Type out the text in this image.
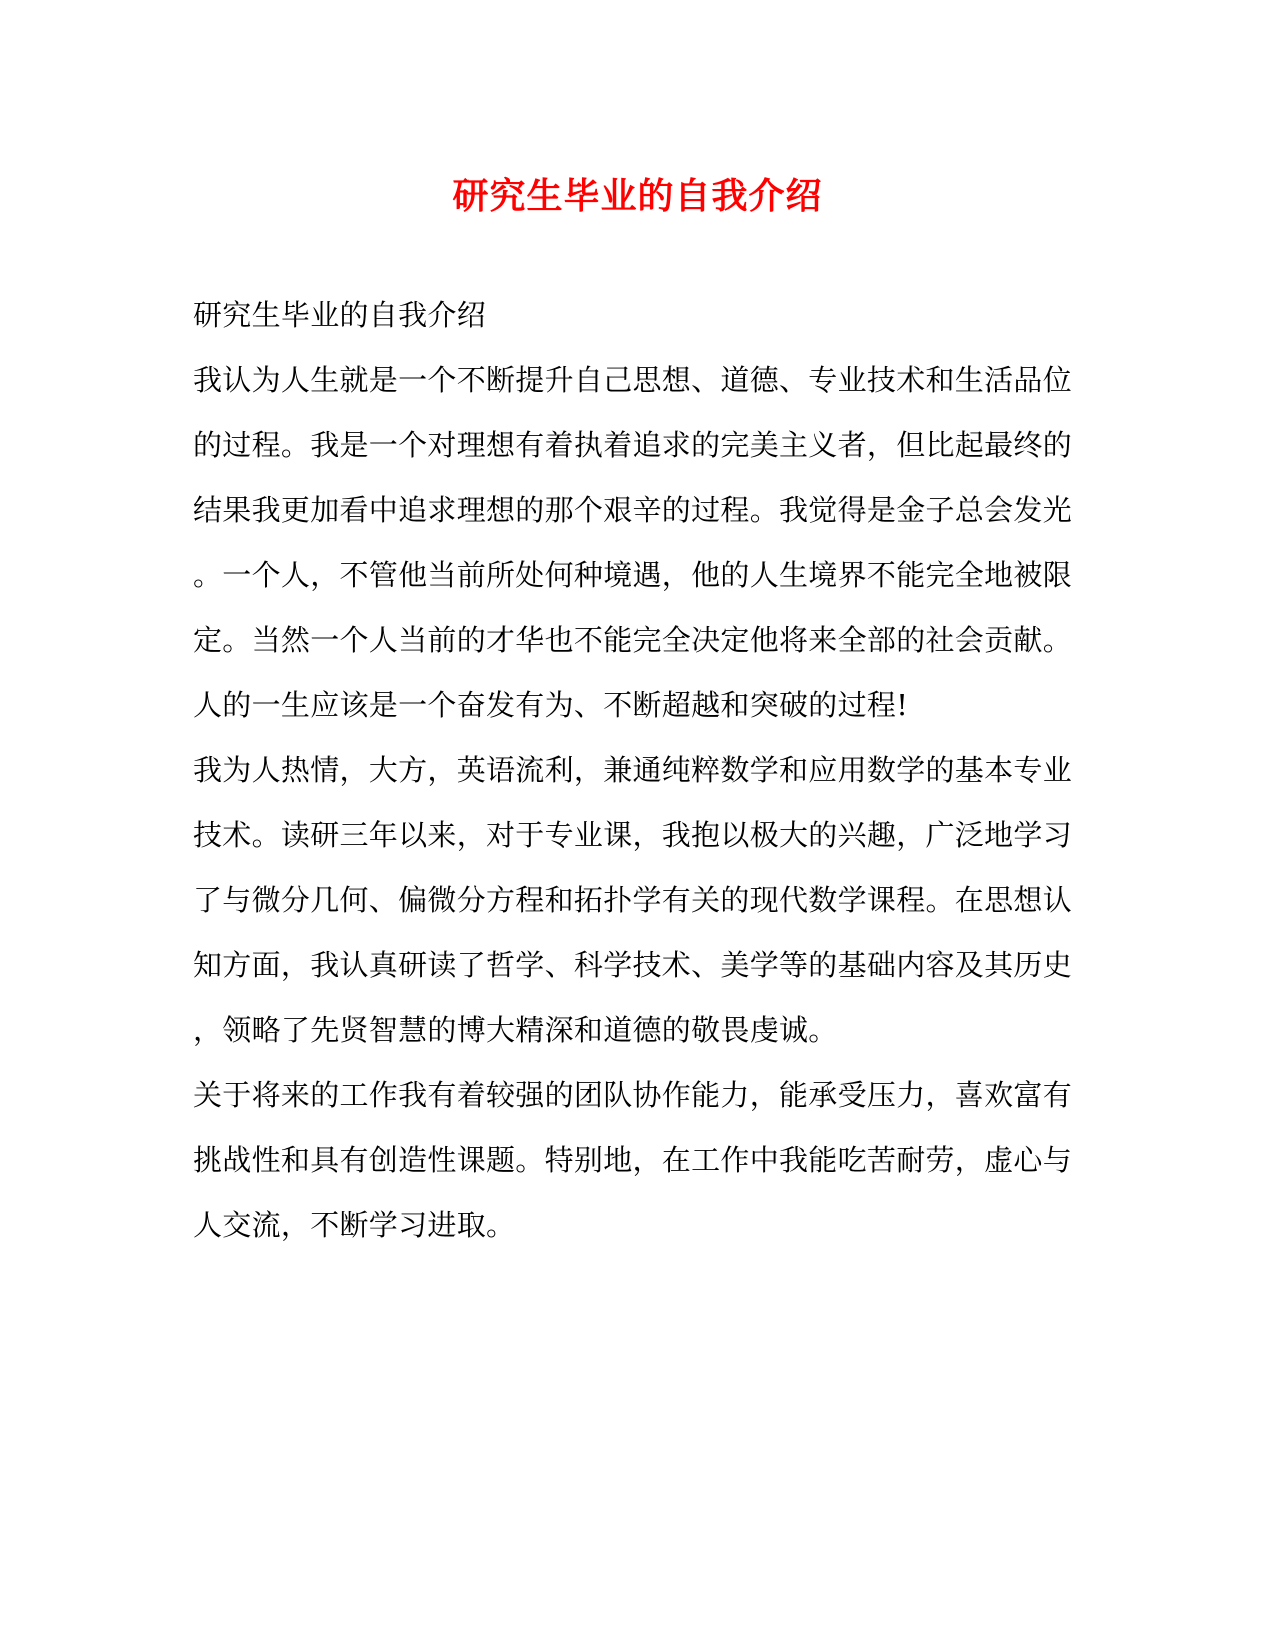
研究生毕业的自我介绍
研究生毕业的自我介绍
我认为人生就是一个不断提升自己思想、道德、专业技术和生活品位
的过程。我是一个对理想有着执着追求的完美主义者，但比起最终的
结果我更加看中追求理想的那个艰辛的过程。我觉得是金子总会发光
。一个人，不管他当前所处何种境遇，他的人生境界不能完全地被限
定。当然一个人当前的才华也不能完全决定他将来全部的社会贡献。
人的一生应该是一个奋发有为、不断超越和突破的过程!
我为人热情，大方，英语流利，兼通纯粹数学和应用数学的基本专业
技术。读研三年以来，对于专业课，我抱以极大的兴趣，广泛地学习
了与微分几何、偏微分方程和拓扑学有关的现代数学课程。在思想认
知方面，我认真研读了哲学、科学技术、美学等的基础内容及其历史
，领略了先贤智慧的博大精深和道德的敬畏虔诚。
关于将来的工作我有着较强的团队协作能力，能承受压力，喜欢富有
挑战性和具有创造性课题。特别地，在工作中我能吃苦耐劳，虚心与
人交流，不断学习进取。
